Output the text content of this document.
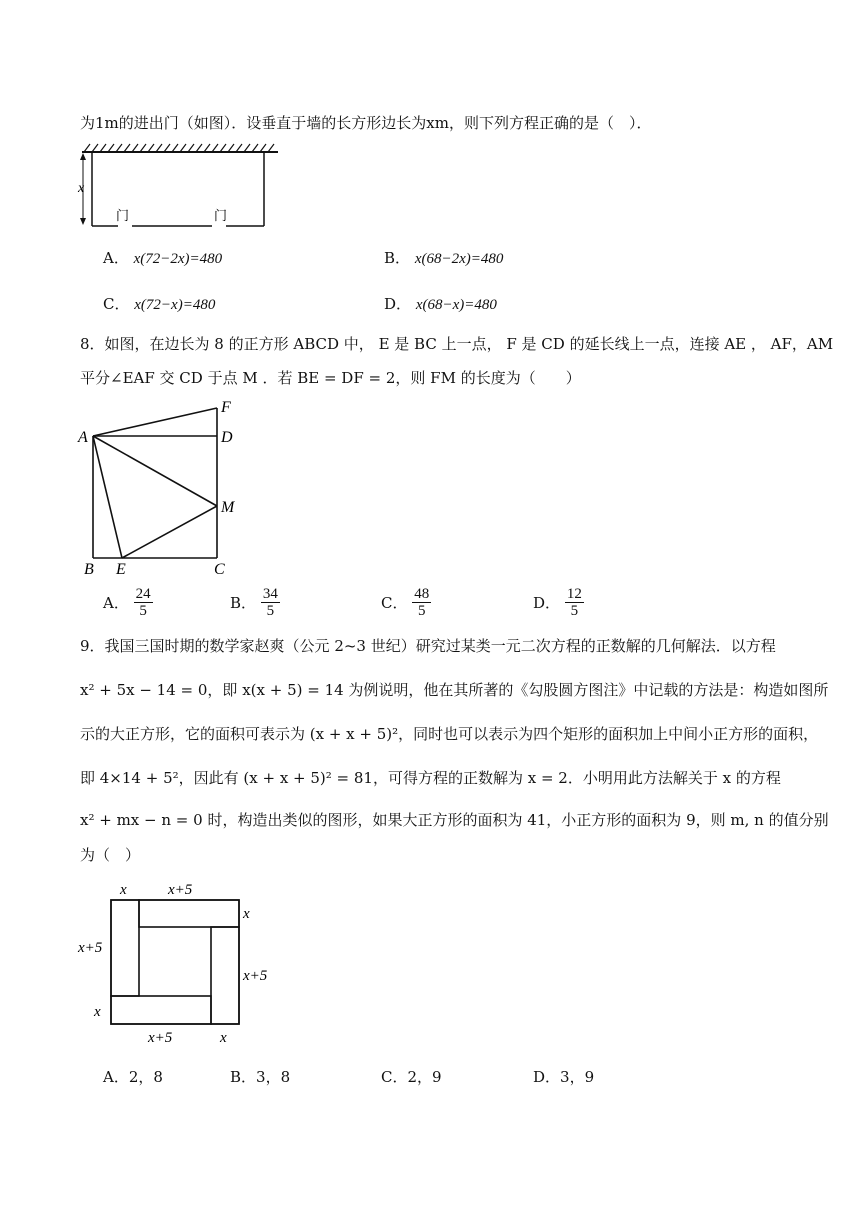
为1m的进出门（如图）．设垂直于墙的长方形边长为xm，则下列方程正确的是（　）．
x
门	门
A． x(72−2x)=480	B． x(68−2x)=480
C． x(72−x)=480	D． x(68−x)=480
8．如图，在边长为 8 的正方形 ABCD 中， E 是 BC 上一点， F 是 CD 的延长线上一点，连接 AE ， AF，AM
平分∠EAF 交 CD 于点 M ．若 BE = DF = 2，则 FM 的长度为（　　）
A
B	C
D
E
F
M
A． $\frac{24}{5}$	B． $\frac{34}{5}$	C． $\frac{48}{5}$	D． $\frac{12}{5}$
9．我国三国时期的数学家赵爽（公元 2~3 世纪）研究过某类一元二次方程的正数解的几何解法．以方程
x² + 5x − 14 = 0，即 x(x + 5) = 14 为例说明，他在其所著的《勾股圆方图注》中记载的方法是：构造如图所
示的大正方形，它的面积可表示为 (x + x + 5)²，同时也可以表示为四个矩形的面积加上中间小正方形的面积，
即 4×14 + 5²，因此有 (x + x + 5)² = 81，可得方程的正数解为 x = 2．小明用此方法解关于 x 的方程
x² + mx − n = 0 时，构造出类似的图形，如果大正方形的面积为 41，小正方形的面积为 9，则 m, n 的值分别
为（　）
x	x+5
x
x+5
x+5
x
x+5	x
A．2，8	B．3，8	C．2，9	D．3，9
